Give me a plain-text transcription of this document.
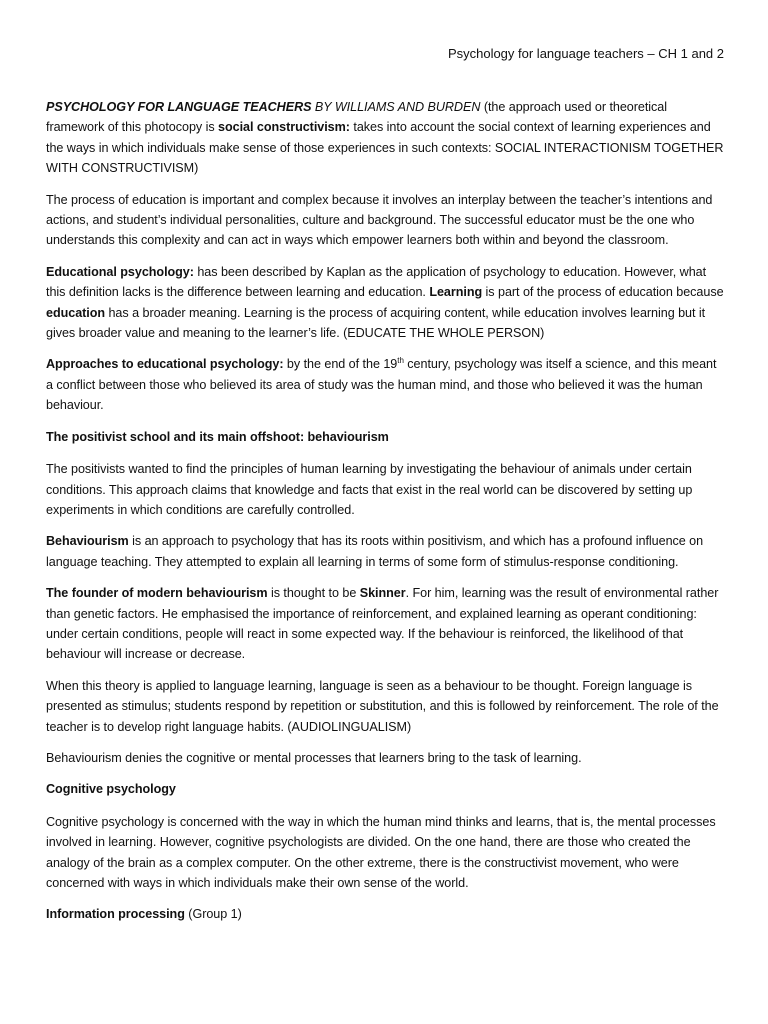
Psychology for language teachers – CH 1 and 2

PSYCHOLOGY FOR LANGUAGE TEACHERS BY WILLIAMS AND BURDEN (the approach used or theoretical framework of this photocopy is social constructivism: takes into account the social context of learning experiences and the ways in which individuals make sense of those experiences in such contexts: SOCIAL INTERACTIONISM TOGETHER WITH CONSTRUCTIVISM)

The process of education is important and complex because it involves an interplay between the teacher’s intentions and actions, and student’s individual personalities, culture and background. The successful educator must be the one who understands this complexity and can act in ways which empower learners both within and beyond the classroom.

Educational psychology: has been described by Kaplan as the application of psychology to education. However, what this definition lacks is the difference between learning and education. Learning is part of the process of education because education has a broader meaning. Learning is the process of acquiring content, while education involves learning but it gives broader value and meaning to the learner’s life. (EDUCATE THE WHOLE PERSON)

Approaches to educational psychology: by the end of the 19th century, psychology was itself a science, and this meant a conflict between those who believed its area of study was the human mind, and those who believed it was the human behaviour.

The positivist school and its main offshoot: behaviourism

The positivists wanted to find the principles of human learning by investigating the behaviour of animals under certain conditions. This approach claims that knowledge and facts that exist in the real world can be discovered by setting up experiments in which conditions are carefully controlled.

Behaviourism is an approach to psychology that has its roots within positivism, and which has a profound influence on language teaching. They attempted to explain all learning in terms of some form of stimulus-response conditioning.

The founder of modern behaviourism is thought to be Skinner. For him, learning was the result of environmental rather than genetic factors. He emphasised the importance of reinforcement, and explained learning as operant conditioning: under certain conditions, people will react in some expected way. If the behaviour is reinforced, the likelihood of that behaviour will increase or decrease.

When this theory is applied to language learning, language is seen as a behaviour to be thought. Foreign language is presented as stimulus; students respond by repetition or substitution, and this is followed by reinforcement. The role of the teacher is to develop right language habits. (AUDIOLINGUALISM)

Behaviourism denies the cognitive or mental processes that learners bring to the task of learning.

Cognitive psychology

Cognitive psychology is concerned with the way in which the human mind thinks and learns, that is, the mental processes involved in learning. However, cognitive psychologists are divided. On the one hand, there are those who created the analogy of the brain as a complex computer. On the other extreme, there is the constructivist movement, who were concerned with ways in which individuals make their own sense of the world.

Information processing (Group 1)
